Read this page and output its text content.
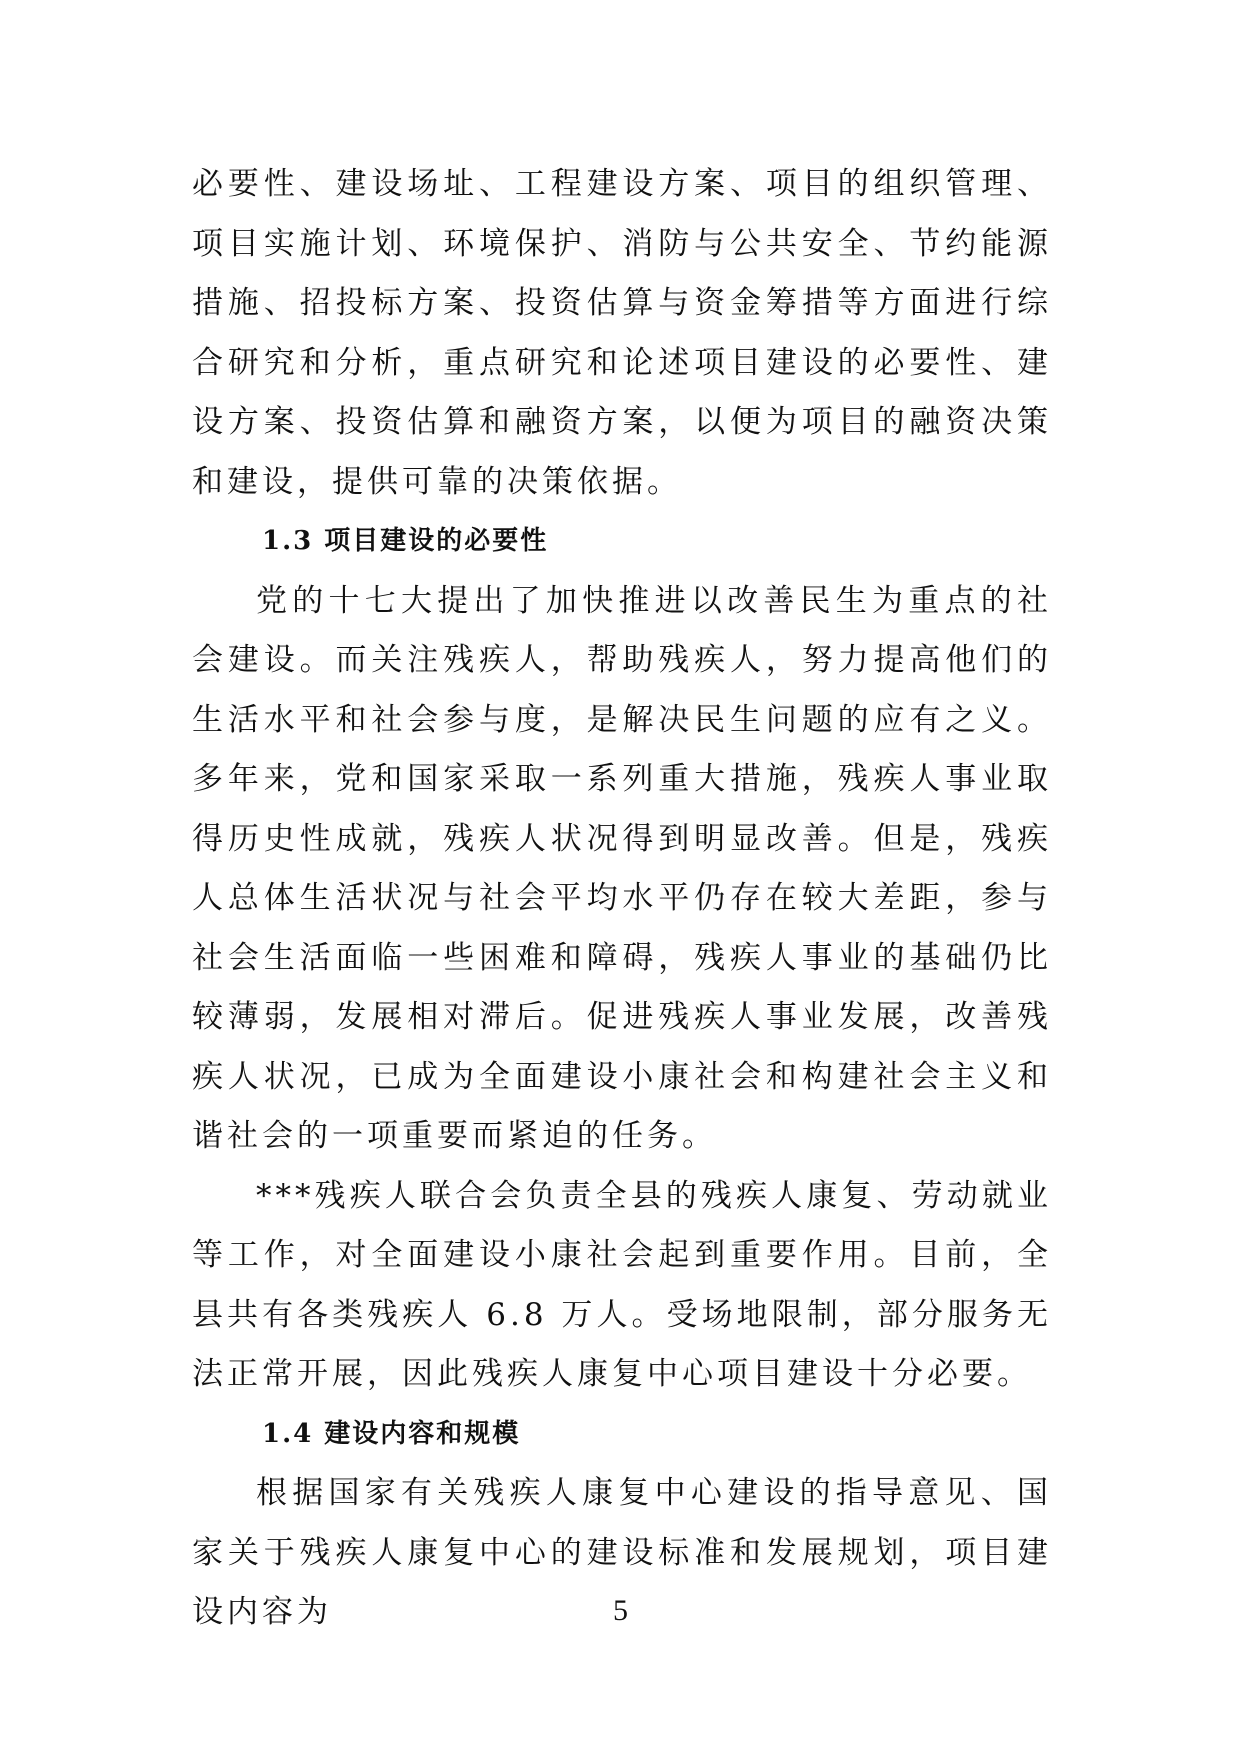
必要性、建设场址、工程建设方案、项目的组织管理、项目实施计划、环境保护、消防与公共安全、节约能源措施、招投标方案、投资估算与资金筹措等方面进行综合研究和分析，重点研究和论述项目建设的必要性、建设方案、投资估算和融资方案，以便为项目的融资决策和建设，提供可靠的决策依据。

1.3 项目建设的必要性

党的十七大提出了加快推进以改善民生为重点的社会建设。而关注残疾人，帮助残疾人，努力提高他们的生活水平和社会参与度，是解决民生问题的应有之义。多年来，党和国家采取一系列重大措施，残疾人事业取得历史性成就，残疾人状况得到明显改善。但是，残疾人总体生活状况与社会平均水平仍存在较大差距，参与社会生活面临一些困难和障碍，残疾人事业的基础仍比较薄弱，发展相对滞后。促进残疾人事业发展，改善残疾人状况，已成为全面建设小康社会和构建社会主义和谐社会的一项重要而紧迫的任务。

***残疾人联合会负责全县的残疾人康复、劳动就业等工作，对全面建设小康社会起到重要作用。目前，全县共有各类残疾人 6.8 万人。受场地限制，部分服务无法正常开展，因此残疾人康复中心项目建设十分必要。

1.4 建设内容和规模

根据国家有关残疾人康复中心建设的指导意见、国家关于残疾人康复中心的建设标准和发展规划，项目建设内容为	5
